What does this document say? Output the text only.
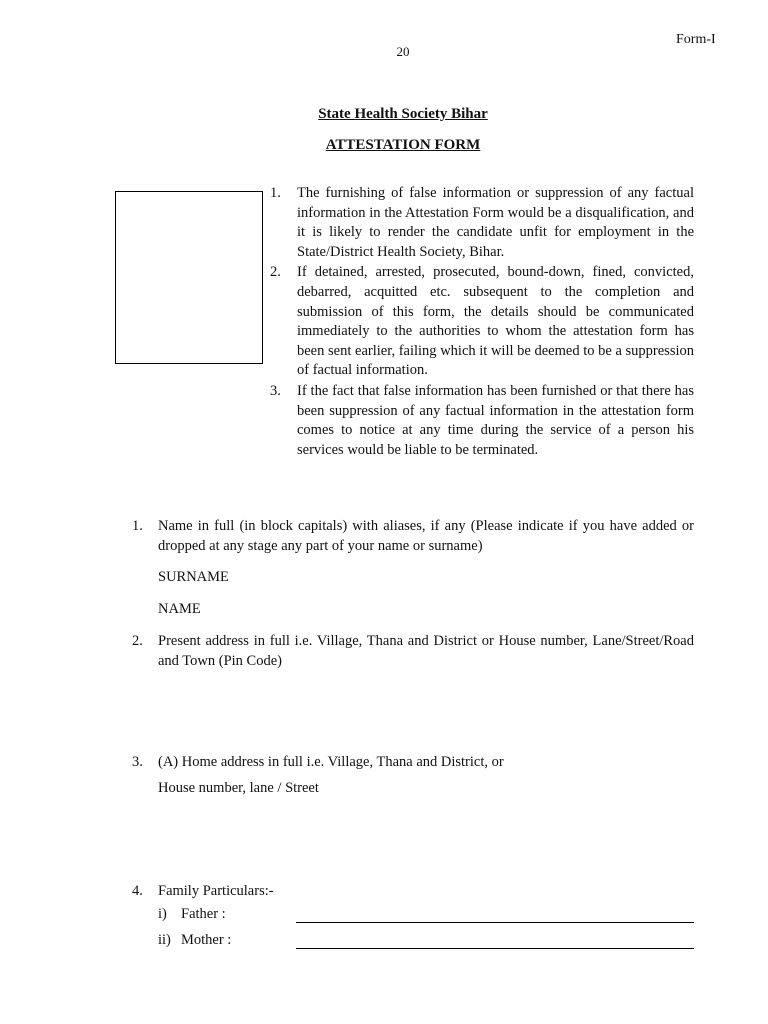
Form-I
20
State Health Society Bihar
ATTESTATION FORM
1.	The furnishing of false information or suppression of any factual information in the Attestation Form would be a disqualification, and it is likely to render the candidate unfit for employment in the State/District Health Society, Bihar.
2.	If detained, arrested, prosecuted, bound-down, fined, convicted, debarred, acquitted etc. subsequent to the completion and submission of this form, the details should be communicated immediately to the authorities to whom the attestation form has been sent earlier, failing which it will be deemed to be a suppression of factual information.
3.	If the fact that false information has been furnished or that there has been suppression of any factual information in the attestation form comes to notice at any time during the service of a person his services would be liable to be terminated.
1.	Name in full (in block capitals) with aliases, if any (Please indicate if you have added or dropped at any stage any part of your name or surname)
SURNAME
NAME
2.	Present address in full i.e. Village, Thana and District or House number, Lane/Street/Road and Town (Pin Code)
3.	(A) Home address in full i.e. Village, Thana and District, or
House number, lane / Street
4.	Family Particulars:-
i) Father :
ii) Mother :
